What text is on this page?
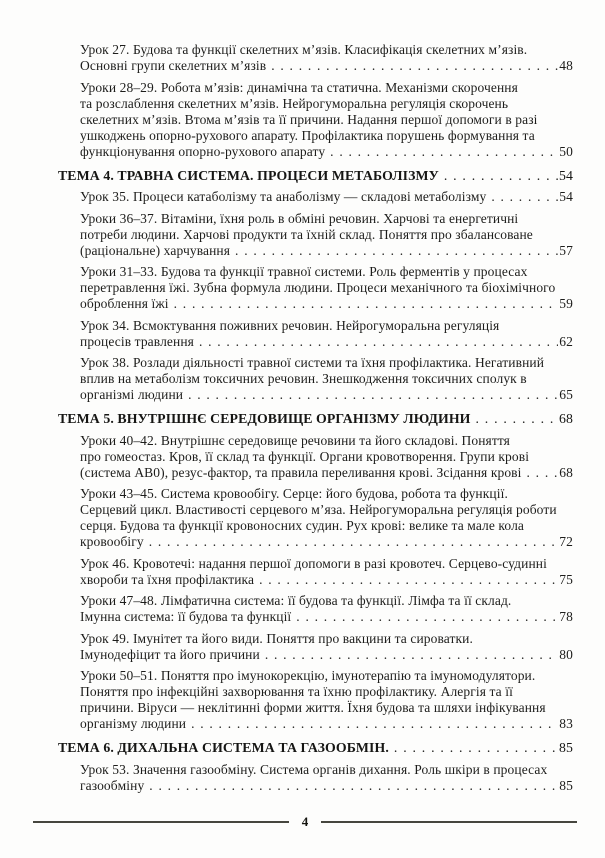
Урок 27. Будова та функції скелетних м’язів. Класифікація скелетних м’язів.
Основні групи скелетних м’язів . . .	48
Уроки 28–29. Робота м’язів: динамічна та статична. Механізми скорочення
та розслаблення скелетних м’язів. Нейрогуморальна регуляція скорочень
скелетних м’язів. Втома м’язів та її причини. Надання першої допомоги в разі
ушкоджень опорно-рухового апарату. Профілактика порушень формування та
функціонування опорно-рухового апарату . . .	50
ТЕМА 4. ТРАВНА СИСТЕМА. ПРОЦЕСИ МЕТАБОЛІЗМУ . . .	54
Урок 35. Процеси катаболізму та анаболізму — складові метаболізму . . .	54
Уроки 36–37. Вітаміни, їхня роль в обміні речовин. Харчові та енергетичні
потреби людини. Харчові продукти та їхній склад. Поняття про збалансоване
(раціональне) харчування . . .	57
Уроки 31–33. Будова та функції травної системи. Роль ферментів у процесах
перетравлення їжі. Зубна формула людини. Процеси механічного та біохімічного
оброблення їжі . . .	59
Урок 34. Всмоктування поживних речовин. Нейрогуморальна регуляція
процесів травлення . . .	62
Урок 38. Розлади діяльності травної системи та їхня профілактика. Негативний
вплив на метаболізм токсичних речовин. Знешкодження токсичних сполук в
організмі людини . . .	65
ТЕМА 5. ВНУТРІШНЄ СЕРЕДОВИЩЕ ОРГАНІЗМУ ЛЮДИНИ . . .	68
Уроки 40–42. Внутрішнє середовище речовини та його складові. Поняття
про гомеостаз. Кров, її склад та функції. Органи кровотворення. Групи крові
(система АВ0), резус-фактор, та правила переливання крові. Зсідання крові . . .	68
Уроки 43–45. Система кровообігу. Серце: його будова, робота та функції.
Серцевий цикл. Властивості серцевого м’яза. Нейрогуморальна регуляція роботи
серця. Будова та функції кровоносних судин. Рух крові: велике та мале кола
кровообігу . . .	72
Урок 46. Кровотечі: надання першої допомоги в разі кровотеч. Серцево-судинні
хвороби та їхня профілактика . . .	75
Уроки 47–48. Лімфатична система: її будова та функції. Лімфа та її склад.
Імунна система: її будова та функції . . .	78
Урок 49. Імунітет та його види. Поняття про вакцини та сироватки.
Імунодефіцит та його причини . . .	80
Уроки 50–51. Поняття про імунокорекцію, імунотерапію та імуномодулятори.
Поняття про інфекційні захворювання та їхню профілактику. Алергія та її
причини. Віруси — неклітинні форми життя. Їхня будова та шляхи інфікування
організму людини . . .	83
ТЕМА 6. ДИХАЛЬНА СИСТЕМА ТА ГАЗООБМІН. . . .	85
Урок 53. Значення газообміну. Система органів дихання. Роль шкіри в процесах
газообміну . . .	85
4
